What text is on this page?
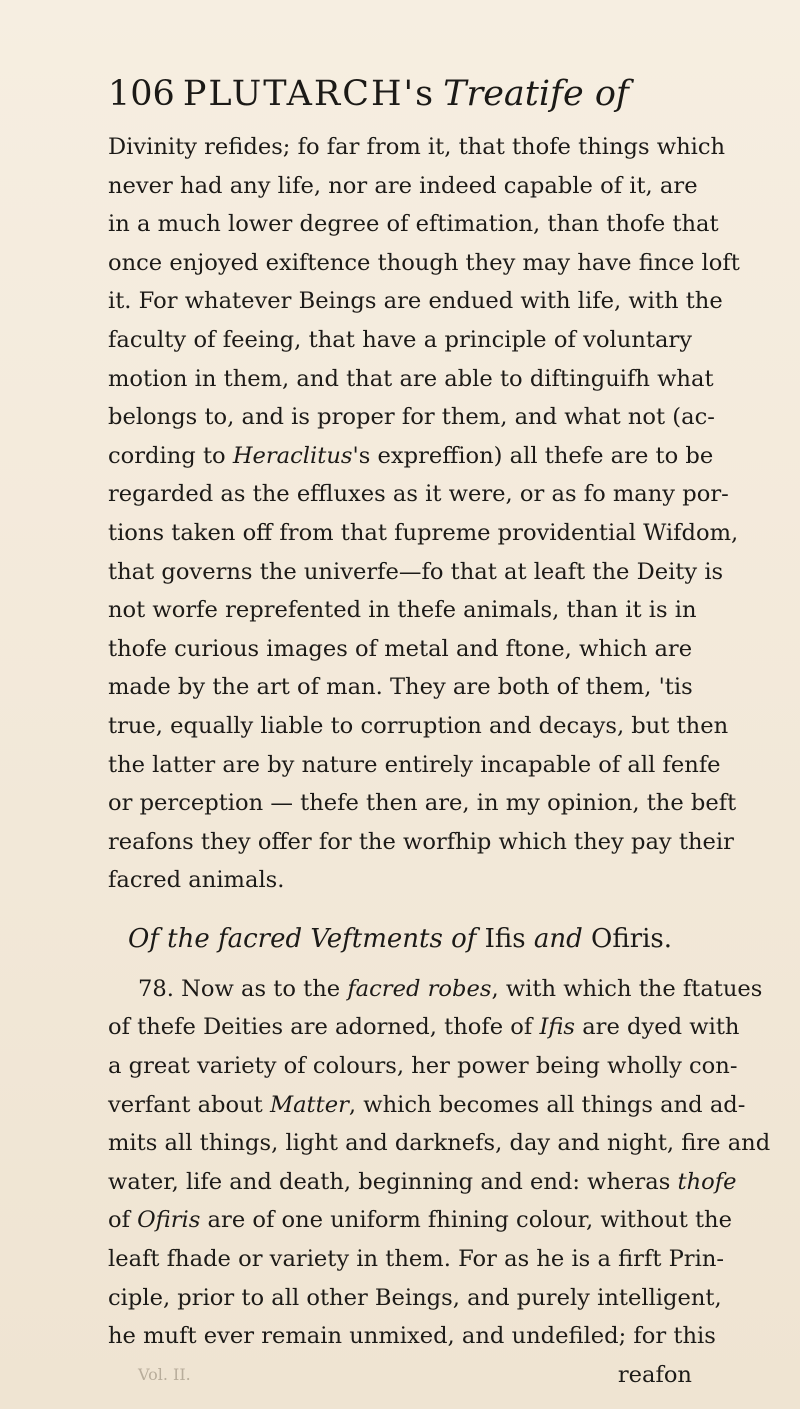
106 PLUTARCH's Treatife of
Divinity refides; fo far from it, that thofe things which
never had any life, nor are indeed capable of it, are
in a much lower degree of eftimation, than thofe that
once enjoyed exiftence though they may have fince loft
it. For whatever Beings are endued with life, with the
faculty of feeing, that have a principle of voluntary
motion in them, and that are able to diftinguifh what
belongs to, and is proper for them, and what not (ac-
cording to Heraclitus's expreffion) all thefe are to be
regarded as the effluxes as it were, or as fo many por-
tions taken off from that fupreme providential Wifdom,
that governs the univerfe—fo that at leaft the Deity is
not worfe reprefented in thefe animals, than it is in
thofe curious images of metal and ftone, which are
made by the art of man. They are both of them, 'tis
true, equally liable to corruption and decays, but then
the latter are by nature entirely incapable of all fenfe
or perception — thefe then are, in my opinion, the beft
reafons they offer for the worfhip which they pay their
facred animals.
Of the facred Veftments of Ifis and Ofiris.
78. Now as to the facred robes, with which the ftatues
of thefe Deities are adorned, thofe of Ifis are dyed with
a great variety of colours, her power being wholly con-
verfant about Matter, which becomes all things and ad-
mits all things, light and darknefs, day and night, fire and
water, life and death, beginning and end: wheras thofe
of Ofiris are of one uniform fhining colour, without the
leaft fhade or variety in them. For as he is a firft Prin-
ciple, prior to all other Beings, and purely intelligent,
he muft ever remain unmixed, and undefiled; for this
Vol. II.	reafon
